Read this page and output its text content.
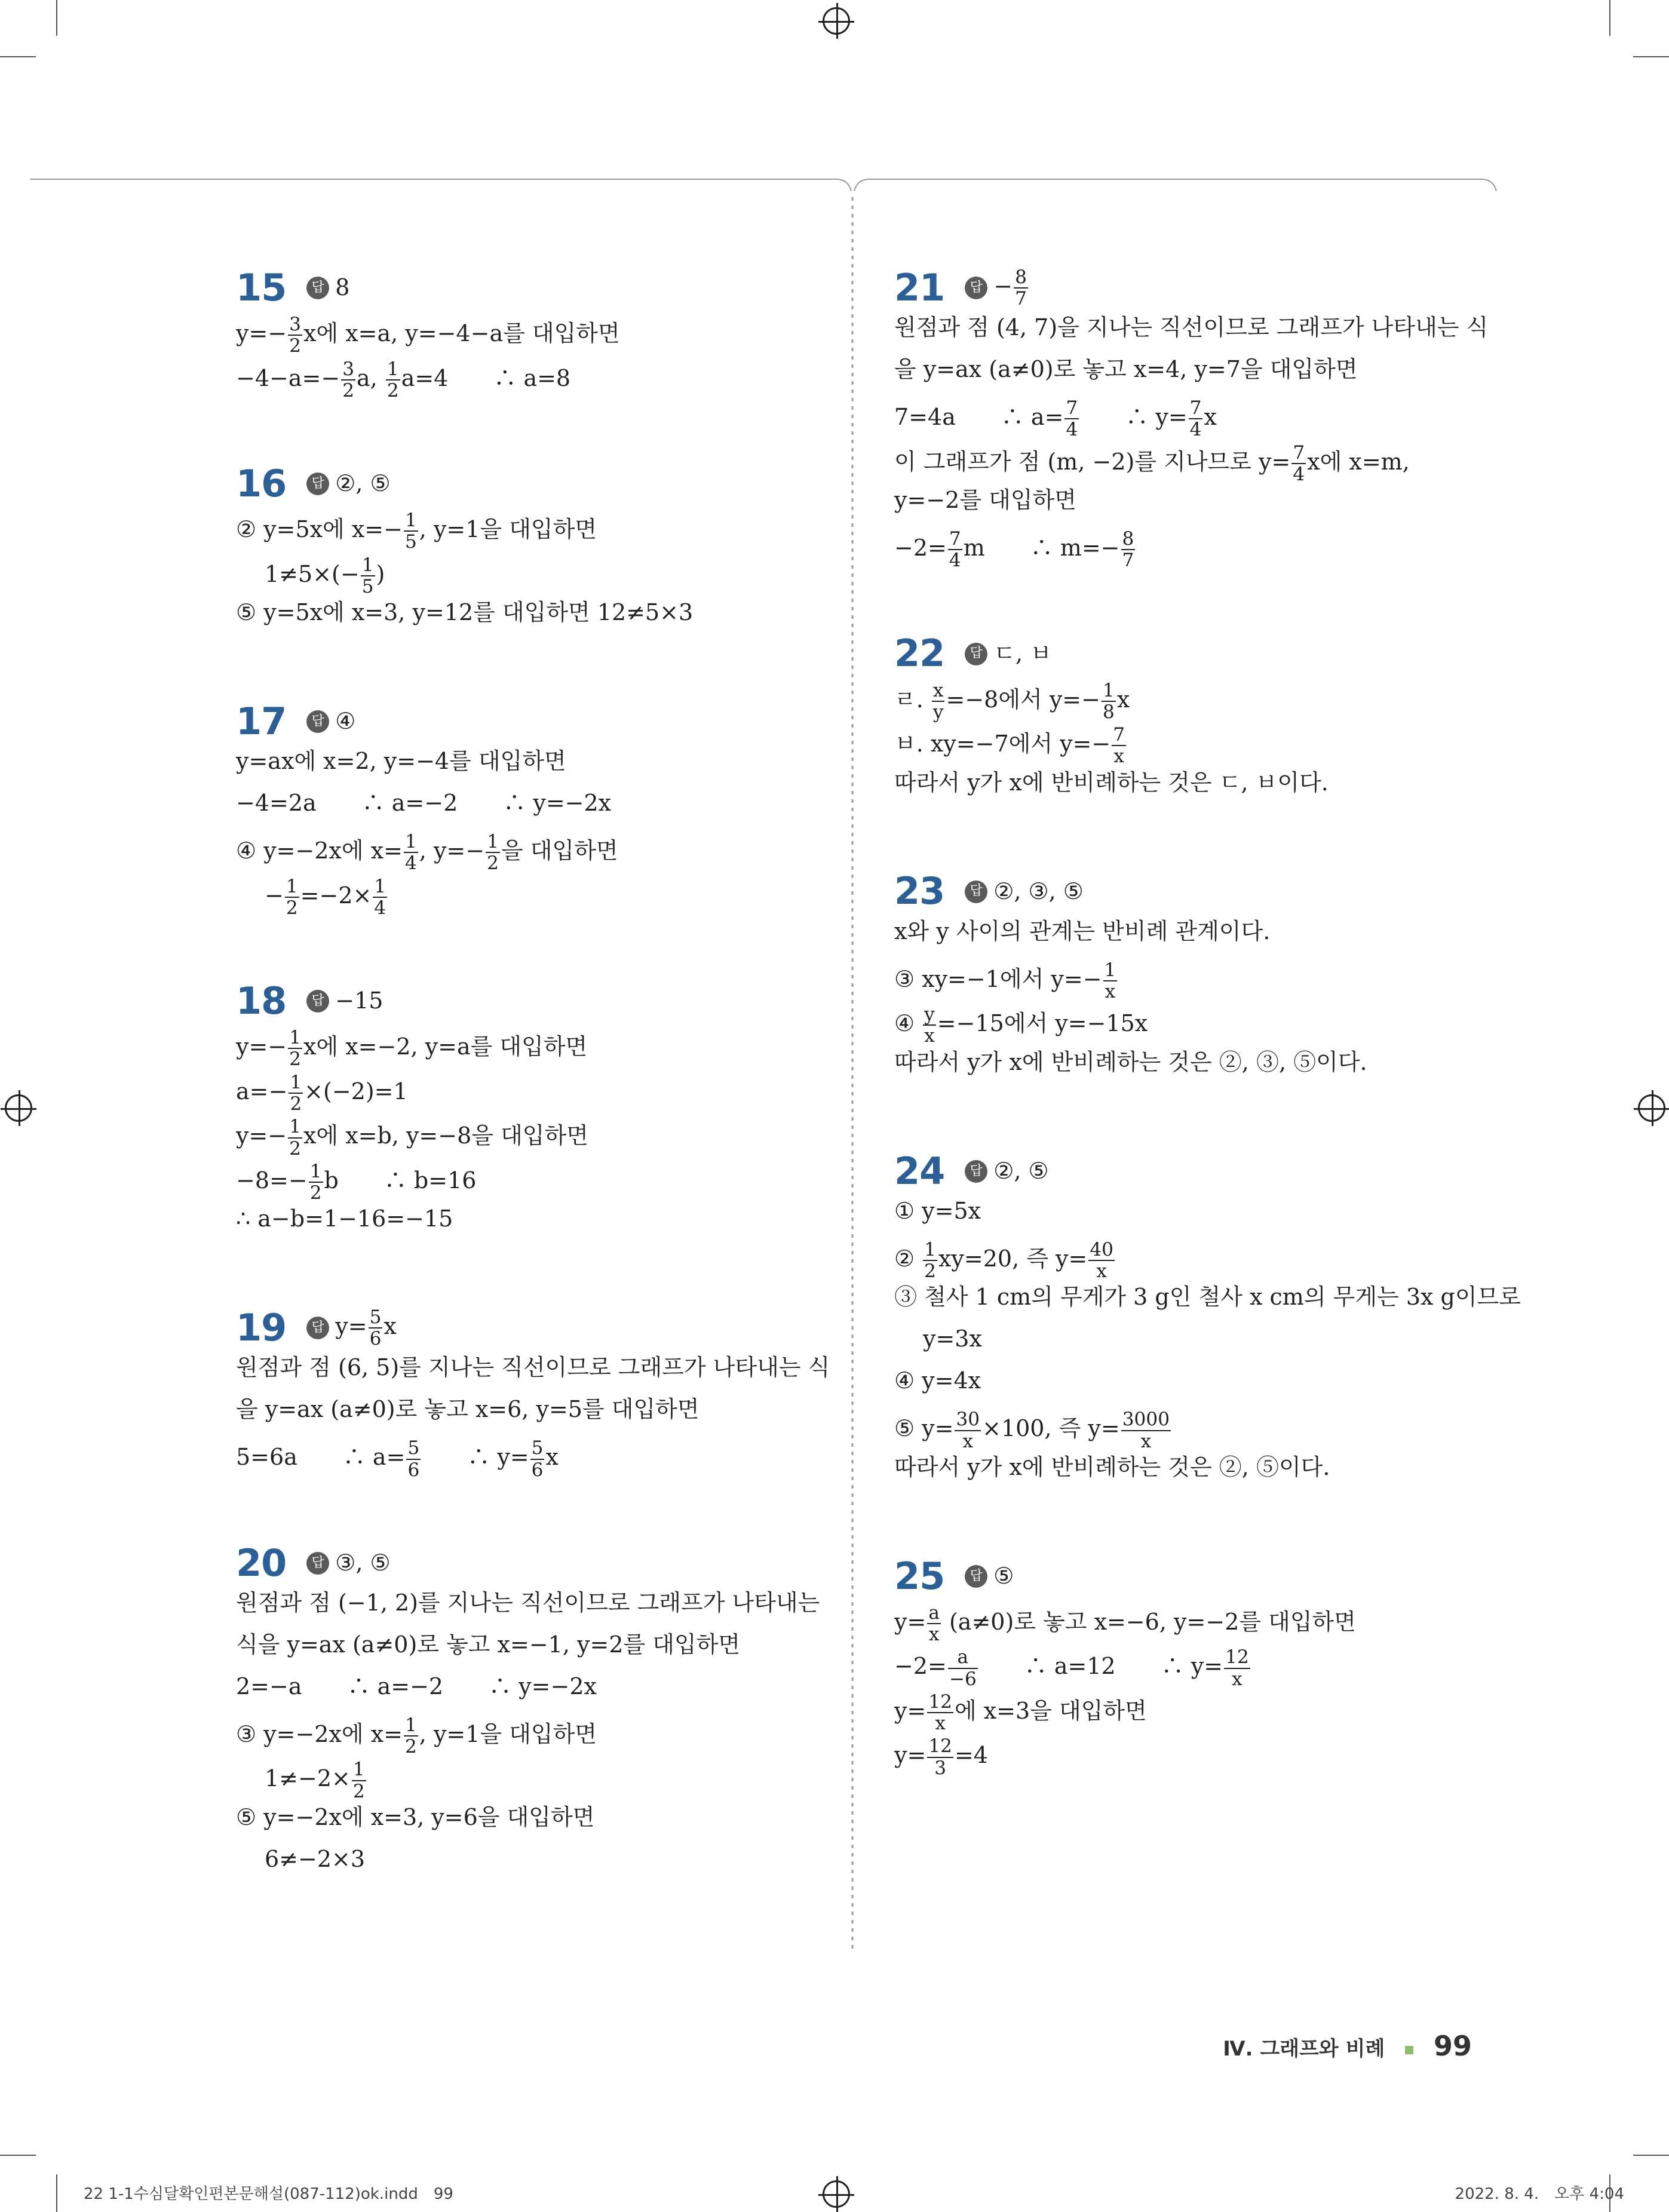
15	답 8
$y=- \frac{3}{2}$ x에 x=a, y=−4−a를 대입하면
$-4-a=- \frac{3}{2} a$, $\frac{1}{2} a=4$　　∴ a=8
16	답 ②, ⑤
② y=5x에 $x=- \frac{1}{5}$ , y=1을 대입하면
$1\ne 5\times(- \frac{1}{5}$ )
⑤ y=5x에 x=3, y=12를 대입하면 12≠5×3
17	답 ④
y=ax에 x=2, y=−4를 대입하면
−4=2a　　∴ a=−2　　∴ y=−2x
④ y=−2x에 $x= \frac{1}{4}$ , $y=- \frac{1}{2}$ 을 대입하면
− $\frac{1}{2} =-2\times \frac{1}{4}$
18	답 −15
$y=- \frac{1}{2}$ x에 x=−2, y=a를 대입하면
$a=- \frac{1}{2} \times(-2)=1$
$y=- \frac{1}{2}$ x에 x=b, y=−8을 대입하면
$-8=- \frac{1}{2}$ b　　∴ b=16
∴ a−b=1−16=−15
19	답 $y= \frac{5}{6}$ x
원점과 점 (6, 5)를 지나는 직선이므로 그래프가 나타내는 식
을 y=ax (a≠0)로 놓고 x=6, y=5를 대입하면
5=6a　　∴ $a= \frac{5}{6}$ 　　∴ $y= \frac{5}{6}$ x
20	답 ③, ⑤
원점과 점 (−1, 2)를 지나는 직선이므로 그래프가 나타내는
식을 y=ax (a≠0)로 놓고 x=−1, y=2를 대입하면
2=−a　　∴ a=−2　　∴ y=−2x
③ y=−2x에 $x= \frac{1}{2}$ , y=1을 대입하면
$1\ne-2\times \frac{1}{2}$
⑤ y=−2x에 x=3, y=6을 대입하면
6≠−2×3
21	답 − $\frac{8}{7}$
원점과 점 (4, 7)을 지나는 직선이므로 그래프가 나타내는 식
을 y=ax (a≠0)로 놓고 x=4, y=7을 대입하면
7=4a　　∴ $a= \frac{7}{4}$ 　　∴ $y= \frac{7}{4}$ x
이 그래프가 점 (m, −2)를 지나므로 $y= \frac{7}{4}$ x에 x=m,
y=−2를 대입하면
$-2= \frac{7}{4}$ m　　∴ $m=- \frac{8}{7}$
22	답 ㄷ, ㅂ
ㄹ. $\frac{x}{y} =-8$에서 $y=- \frac{1}{8}$ x
ㅂ. xy=−7에서 $y=- \frac{7}{x}$
따라서 y가 x에 반비례하는 것은 ㄷ, ㅂ이다.
23	답 ②, ③, ⑤
x와 y 사이의 관계는 반비례 관계이다.
③ xy=−1에서 $y=- \frac{1}{x}$
④ $\frac{y}{x} =-15$에서 y=−15x
따라서 y가 x에 반비례하는 것은 ②, ③, ⑤이다.
24	답 ②, ⑤
① y=5x
② $\frac{1}{2} xy=20$, 즉 $y= \frac{40}{x}$
③ 철사 1 cm의 무게가 3 g인 철사 x cm의 무게는 3x g이므로
y=3x
④ y=4x
⑤ $y= \frac{30}{x} \times 100$, 즉 $y= \frac{3000}{x}$
따라서 y가 x에 반비례하는 것은 ②, ⑤이다.
25	답 ⑤
$y= \frac{a}{x} (a\ne 0)$로 놓고 x=−6, y=−2를 대입하면
$-2= \frac{a}{-6}$ 　　∴ a=12　　∴ $y= \frac{12}{x}$
$y= \frac{12}{x}$ 에 x=3을 대입하면
$y= \frac{12}{3} =4$
Ⅳ. 그래프와 비례 99
22 1-1수심달확인편본문해설(087-112)ok.indd　99	2022. 8. 4.　오후 4:04
